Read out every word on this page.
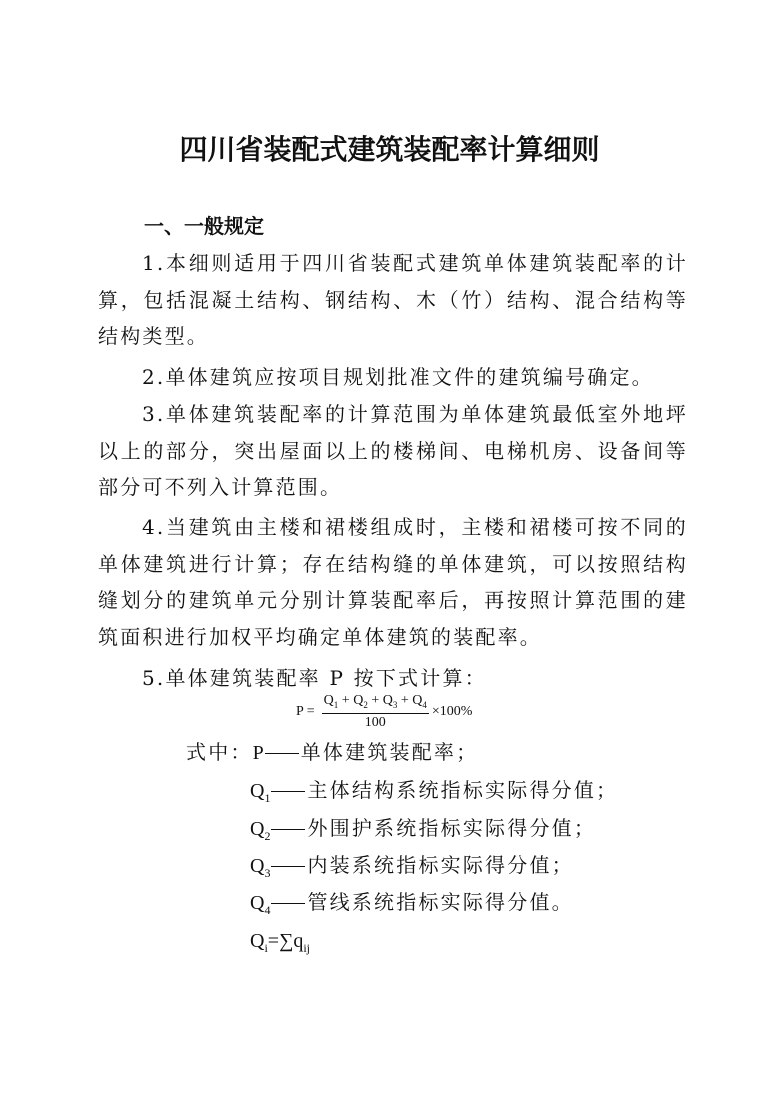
四川省装配式建筑装配率计算细则
一、一般规定

1.本细则适用于四川省装配式建筑单体建筑装配率的计算，包括混凝土结构、钢结构、木（竹）结构、混合结构等结构类型。

2.单体建筑应按项目规划批准文件的建筑编号确定。

3.单体建筑装配率的计算范围为单体建筑最低室外地坪以上的部分，突出屋面以上的楼梯间、电梯机房、设备间等部分可不列入计算范围。

4.当建筑由主楼和裙楼组成时，主楼和裙楼可按不同的单体建筑进行计算；存在结构缝的单体建筑，可以按照结构缝划分的建筑单元分别计算装配率后，再按照计算范围的建筑面积进行加权平均确定单体建筑的装配率。

5.单体建筑装配率 P 按下式计算：

$P = \frac{Q_1 + Q_2 + Q_3 + Q_4}{100} \times 100\%$

式中：P 单体建筑装配率；

$Q_1$ 主体结构系统指标实际得分值；

$Q_2$ 外围护系统指标实际得分值；

$Q_3$ 内装系统指标实际得分值；

$Q_4$ 管线系统指标实际得分值。

$Q_i=\sum q_{ij}$
